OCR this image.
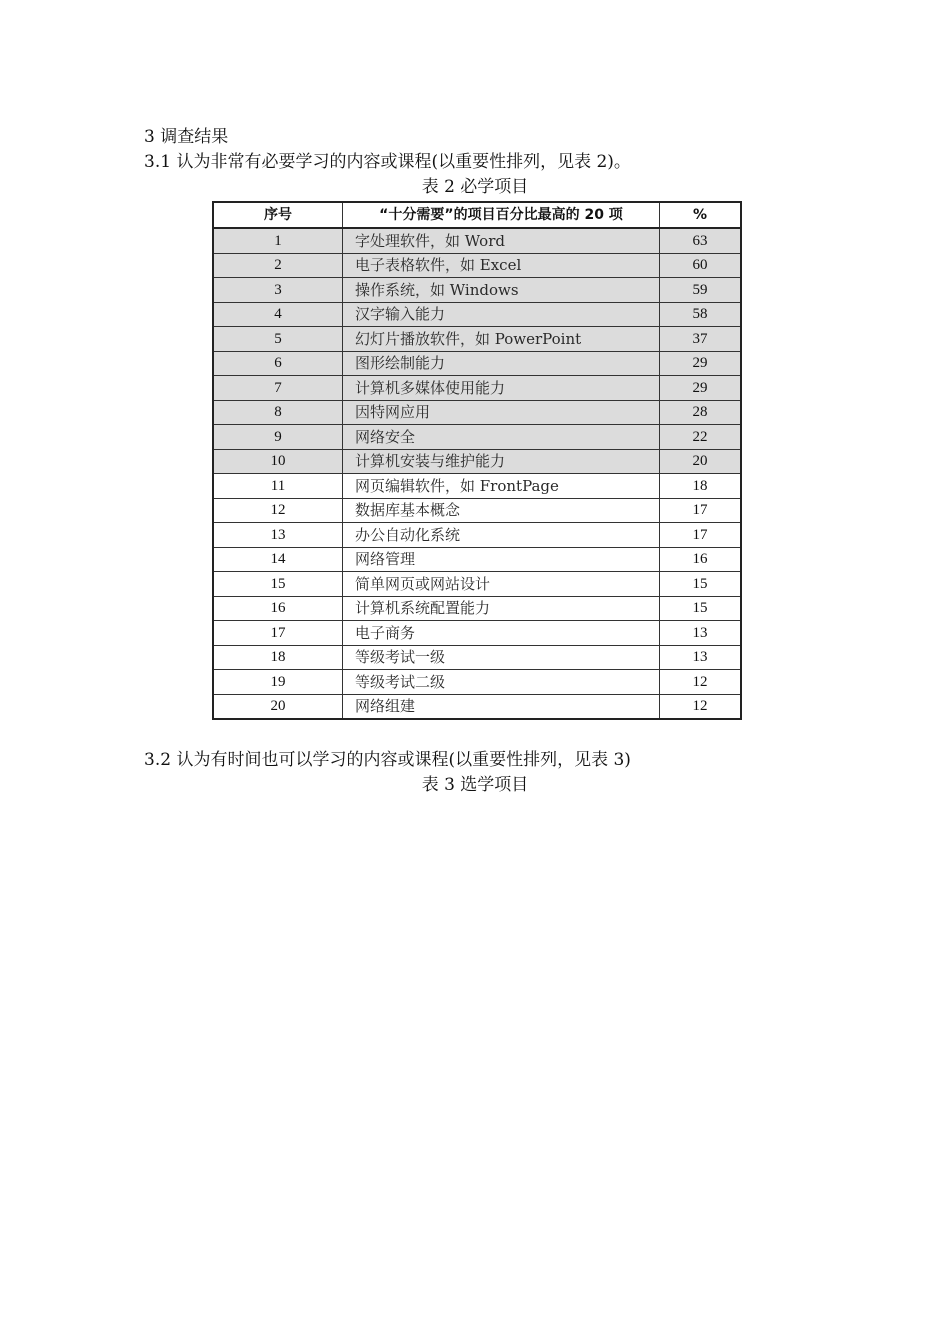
3 调查结果
3.1 认为非常有必要学习的内容或课程(以重要性排列，见表 2)。
表 2 必学项目
序号	“十分需要”的项目百分比最高的 20 项	%
1	字处理软件，如 Word	63
2	电子表格软件，如 Excel	60
3	操作系统，如 Windows	59
4	汉字输入能力	58
5	幻灯片播放软件，如 PowerPoint	37
6	图形绘制能力	29
7	计算机多媒体使用能力	29
8	因特网应用	28
9	网络安全	22
10	计算机安装与维护能力	20
11	网页编辑软件，如 FrontPage	18
12	数据库基本概念	17
13	办公自动化系统	17
14	网络管理	16
15	简单网页或网站设计	15
16	计算机系统配置能力	15
17	电子商务	13
18	等级考试一级	13
19	等级考试二级	12
20	网络组建	12
3.2 认为有时间也可以学习的内容或课程(以重要性排列，见表 3)
表 3 选学项目
